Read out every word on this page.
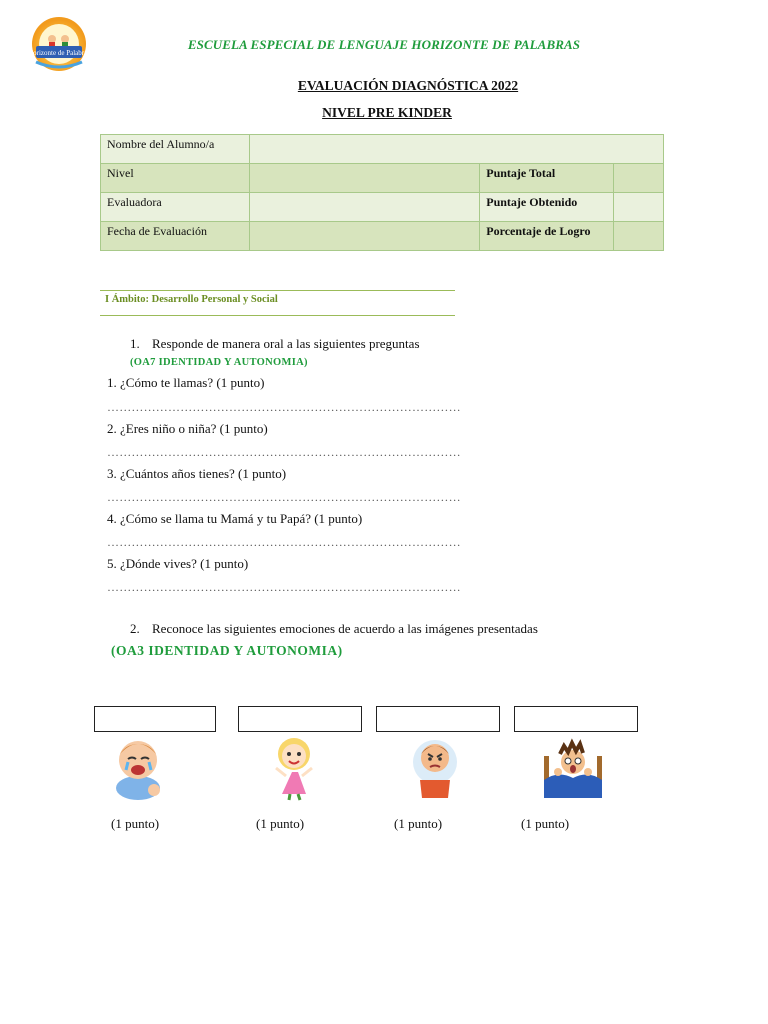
Horizonte de Palabras
ESCUELA ESPECIAL DE LENGUAJE HORIZONTE DE PALABRAS
EVALUACIÓN DIAGNÓSTICA 2022
NIVEL PRE KINDER
Nombre del Alumno/a			
Nivel		Puntaje Total	
Evaluadora		Puntaje Obtenido	
Fecha de Evaluación		Porcentaje de Logro	
I Ámbito: Desarrollo Personal y Social
1. Responde de manera oral a las siguientes preguntas
(OA7 IDENTIDAD Y AUTONOMIA)
1. ¿Cómo te llamas? (1 punto)
……………………………………………………………………………
2. ¿Eres niño o niña? (1 punto)
……………………………………………………………………………
3. ¿Cuántos años tienes? (1 punto)
……………………………………………………………………………
4. ¿Cómo se llama tu Mamá y tu Papá? (1 punto)
……………………………………………………………………………
5. ¿Dónde vives? (1 punto)
……………………………………………………………………………
2. Reconoce las siguientes emociones de acuerdo a las imágenes presentadas
(OA3 IDENTIDAD Y AUTONOMIA)
(1 punto)	(1 punto)	(1 punto)	(1 punto)
